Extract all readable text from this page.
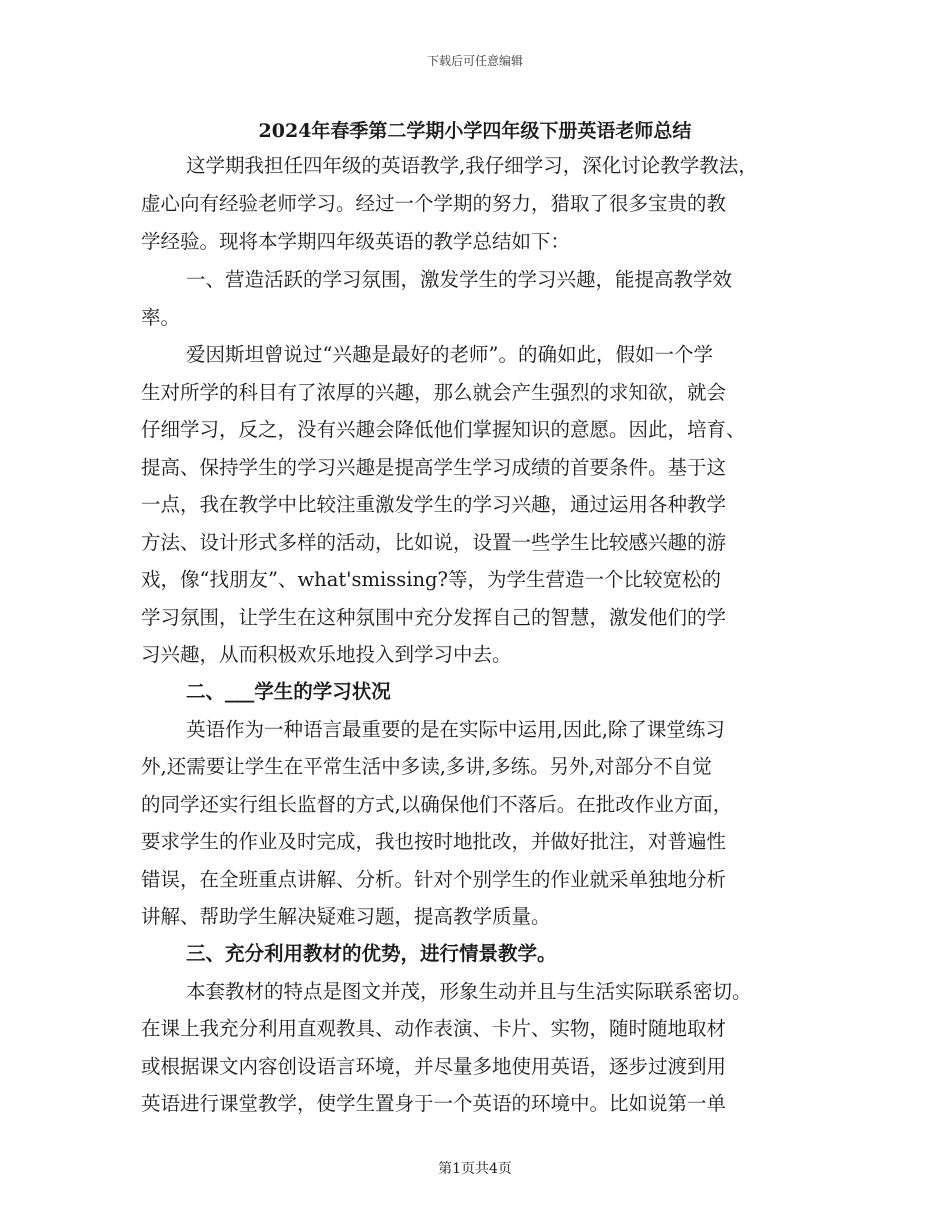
下载后可任意编辑
2024年春季第二学期小学四年级下册英语老师总结
这学期我担任四年级的英语教学,我仔细学习，深化讨论教学教法，
虚心向有经验老师学习。经过一个学期的努力，猎取了很多宝贵的教
学经验。现将本学期四年级英语的教学总结如下：
一、营造活跃的学习氛围，激发学生的学习兴趣，能提高教学效
率。
爱因斯坦曾说过“兴趣是最好的老师”。的确如此，假如一个学
生对所学的科目有了浓厚的兴趣，那么就会产生强烈的求知欲，就会
仔细学习，反之，没有兴趣会降低他们掌握知识的意愿。因此，培育、
提高、保持学生的学习兴趣是提高学生学习成绩的首要条件。基于这
一点，我在教学中比较注重激发学生的学习兴趣，通过运用各种教学
方法、设计形式多样的活动，比如说，设置一些学生比较感兴趣的游
戏，像“找朋友”、what'smissing?等，为学生营造一个比较宽松的
学习氛围，让学生在这种氛围中充分发挥自己的智慧，激发他们的学
习兴趣，从而积极欢乐地投入到学习中去。
二、___学生的学习状况
英语作为一种语言最重要的是在实际中运用,因此,除了课堂练习
外,还需要让学生在平常生活中多读,多讲,多练。另外,对部分不自觉
的同学还实行组长监督的方式,以确保他们不落后。在批改作业方面，
要求学生的作业及时完成，我也按时地批改，并做好批注，对普遍性
错误，在全班重点讲解、分析。针对个别学生的作业就采单独地分析
讲解、帮助学生解决疑难习题，提高教学质量。
三、充分利用教材的优势，进行情景教学。
本套教材的特点是图文并茂，形象生动并且与生活实际联系密切。
在课上我充分利用直观教具、动作表演、卡片、实物，随时随地取材
或根据课文内容创设语言环境，并尽量多地使用英语，逐步过渡到用
英语进行课堂教学，使学生置身于一个英语的环境中。比如说第一单
第1页共4页
